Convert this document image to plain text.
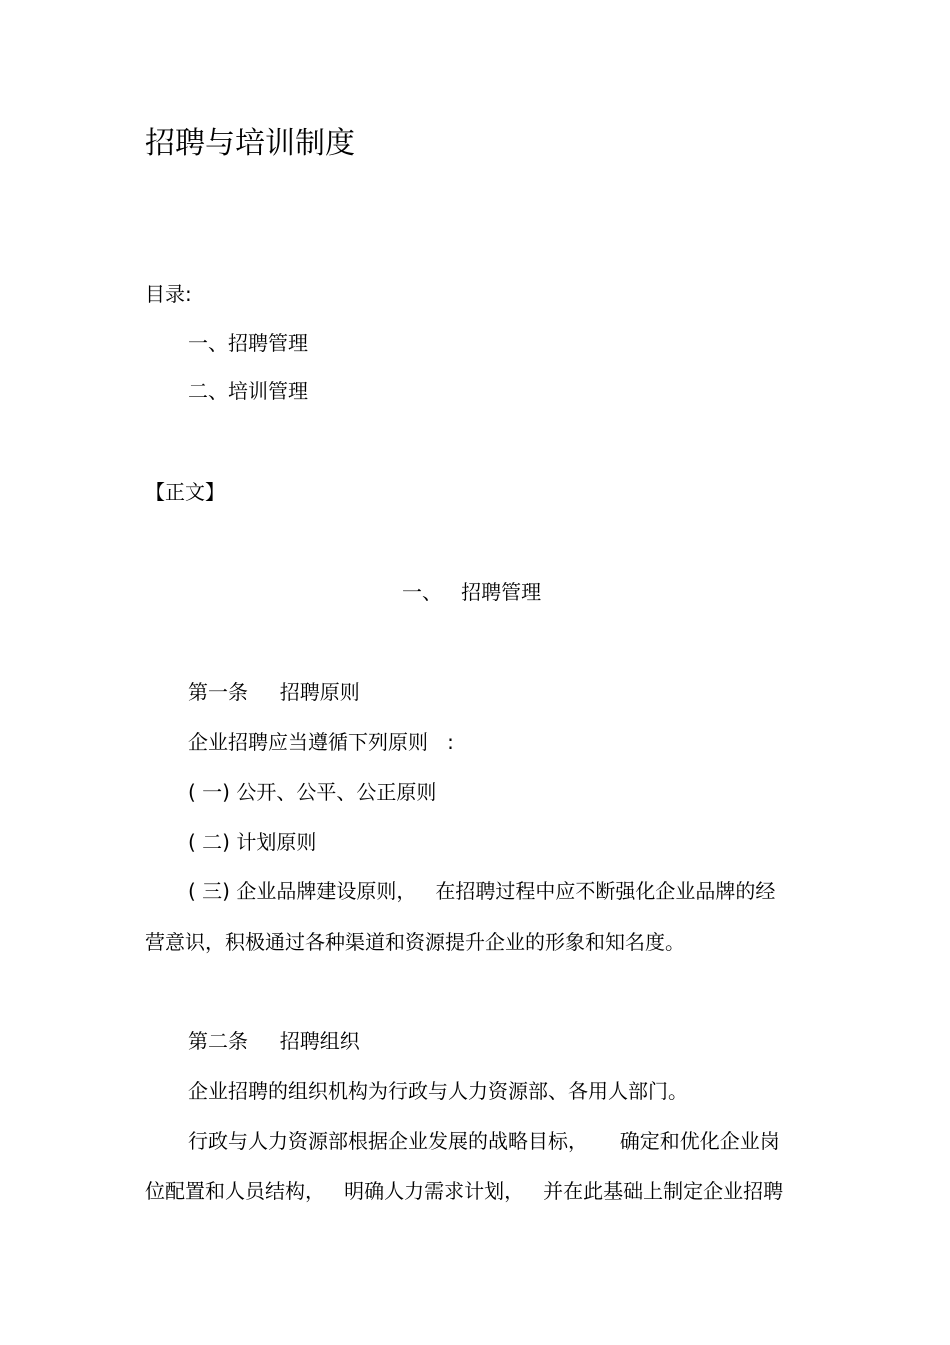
招聘与培训制度
目录:
一、招聘管理
二、培训管理
【正文】
一、   招聘管理
第一条     招聘原则
企业招聘应当遵循下列原则   :
( 一) 公开、公平、公正原则
( 二) 计划原则
( 三) 企业品牌建设原则，   在招聘过程中应不断强化企业品牌的经
营意识，积极通过各种渠道和资源提升企业的形象和知名度。
第二条     招聘组织
企业招聘的组织机构为行政与人力资源部、各用人部门。
行政与人力资源部根据企业发展的战略目标，     确定和优化企业岗
位配置和人员结构，   明确人力需求计划，   并在此基础上制定企业招聘
